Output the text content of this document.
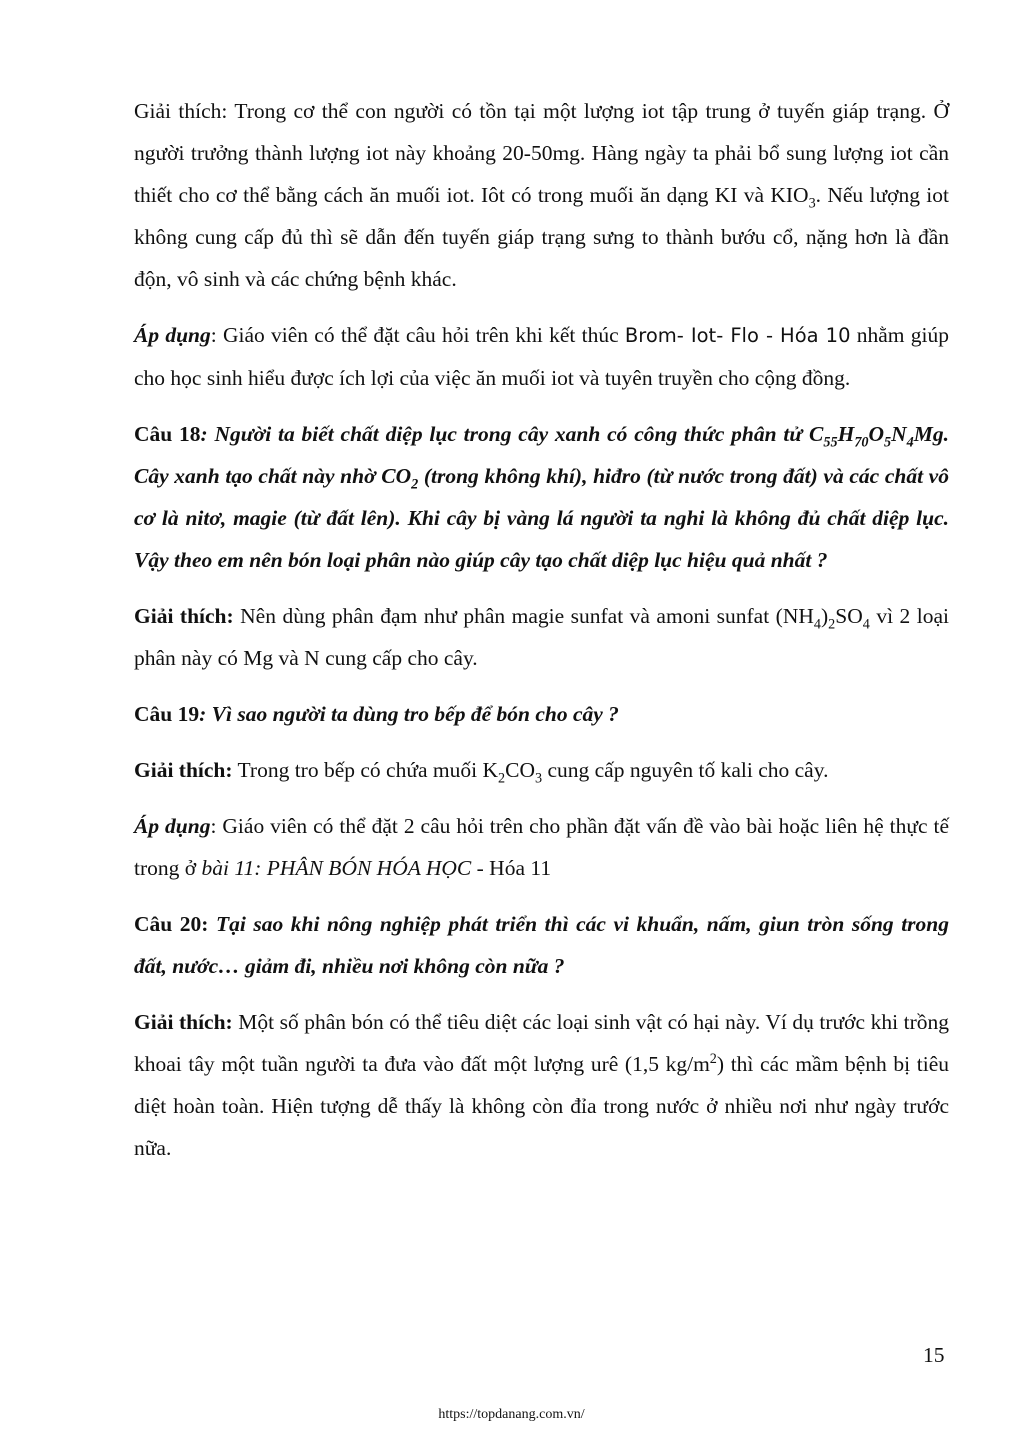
Giải thích: Trong cơ thể con người có tồn tại một lượng iot tập trung ở tuyến giáp trạng. Ở người trưởng thành lượng iot này khoảng 20-50mg. Hàng ngày ta phải bổ sung lượng iot cần thiết cho cơ thể bằng cách ăn muối iot. Iôt có trong muối ăn dạng KI và $KIO_3$. Nếu lượng iot không cung cấp đủ thì sẽ dẫn đến tuyến giáp trạng sưng to thành bướu cổ, nặng hơn là đần độn, vô sinh và các chứng bệnh khác.

Áp dụng: Giáo viên có thể đặt câu hỏi trên khi kết thúc Brom- Iot- Flo - Hóa 10 nhằm giúp cho học sinh hiểu được ích lợi của việc ăn muối iot và tuyên truyền cho cộng đồng.

Câu 18: Người ta biết chất diệp lục trong cây xanh có công thức phân tử $C_{55}H_{70}O_5N_4Mg$. Cây xanh tạo chất này nhờ $CO_2$ (trong không khí), hiđro (từ nước trong đất) và các chất vô cơ là nitơ, magie (từ đất lên). Khi cây bị vàng lá người ta nghi là không đủ chất diệp lục. Vậy theo em nên bón loại phân nào giúp cây tạo chất diệp lục hiệu quả nhất ?

Giải thích: Nên dùng phân đạm như phân magie sunfat và amoni sunfat $(NH_4)_2SO_4$ vì 2 loại phân này có Mg và N cung cấp cho cây.

Câu 19: Vì sao người ta dùng tro bếp để bón cho cây ?

Giải thích: Trong tro bếp có chứa muối $K_2CO_3$ cung cấp nguyên tố kali cho cây.

Áp dụng: Giáo viên có thể đặt 2 câu hỏi trên cho phần đặt vấn đề vào bài hoặc liên hệ thực tế trong ở bài 11: PHÂN BÓN HÓA HỌC - Hóa 11

Câu 20: Tại sao khi nông nghiệp phát triển thì các vi khuẩn, nấm, giun tròn sống trong đất, nước… giảm đi, nhiều nơi không còn nữa ?

Giải thích: Một số phân bón có thể tiêu diệt các loại sinh vật có hại này. Ví dụ trước khi trồng khoai tây một tuần người ta đưa vào đất một lượng urê (1,5 $kg/m^2$) thì các mầm bệnh bị tiêu diệt hoàn toàn. Hiện tượng dễ thấy là không còn đỉa trong nước ở nhiều nơi như ngày trước nữa.

15
https://topdanang.com.vn/
